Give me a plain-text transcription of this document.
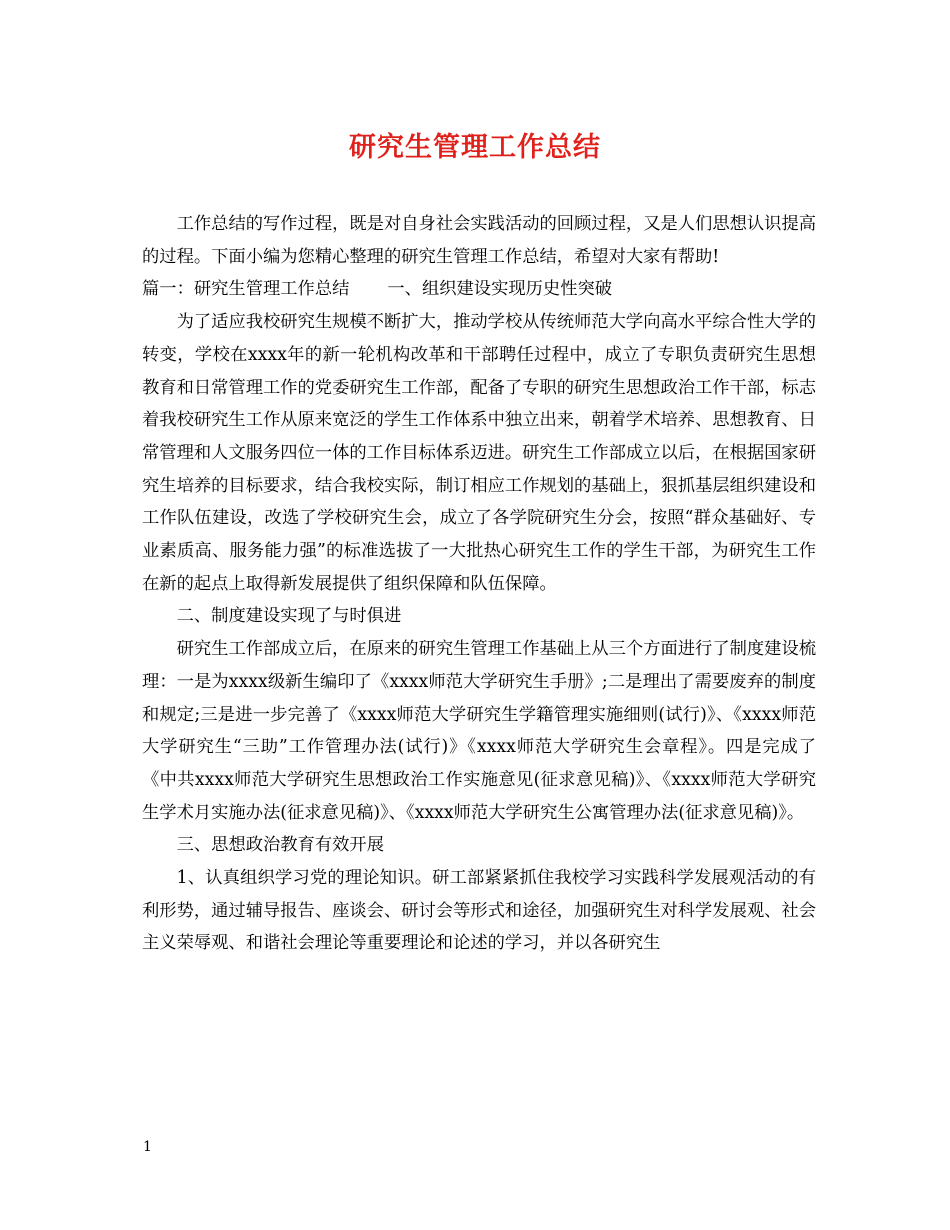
研究生管理工作总结

工作总结的写作过程，既是对自身社会实践活动的回顾过程，又是人们思想认识提高的过程。下面小编为您精心整理的研究生管理工作总结，希望对大家有帮助!

篇一：研究生管理工作总结 一、组织建设实现历史性突破

为了适应我校研究生规模不断扩大，推动学校从传统师范大学向高水平综合性大学的转变，学校在xxxx年的新一轮机构改革和干部聘任过程中，成立了专职负责研究生思想教育和日常管理工作的党委研究生工作部，配备了专职的研究生思想政治工作干部，标志着我校研究生工作从原来宽泛的学生工作体系中独立出来，朝着学术培养、思想教育、日常管理和人文服务四位一体的工作目标体系迈进。研究生工作部成立以后，在根据国家研究生培养的目标要求，结合我校实际，制订相应工作规划的基础上，狠抓基层组织建设和工作队伍建设，改选了学校研究生会，成立了各学院研究生分会，按照“群众基础好、专业素质高、服务能力强”的标准选拔了一大批热心研究生工作的学生干部，为研究生工作在新的起点上取得新发展提供了组织保障和队伍保障。

二、制度建设实现了与时俱进

研究生工作部成立后，在原来的研究生管理工作基础上从三个方面进行了制度建设梳理：一是为xxxx级新生编印了《xxxx师范大学研究生手册》;二是理出了需要废弃的制度和规定;三是进一步完善了《xxxx师范大学研究生学籍管理实施细则(试行)》、《xxxx师范大学研究生“三助”工作管理办法(试行)》《xxxx师范大学研究生会章程》。四是完成了《中共xxxx师范大学研究生思想政治工作实施意见(征求意见稿)》、《xxxx师范大学研究生学术月实施办法(征求意见稿)》、《xxxx师范大学研究生公寓管理办法(征求意见稿)》。

三、思想政治教育有效开展

1、认真组织学习党的理论知识。研工部紧紧抓住我校学习实践科学发展观活动的有利形势，通过辅导报告、座谈会、研讨会等形式和途径，加强研究生对科学发展观、社会主义荣辱观、和谐社会理论等重要理论和论述的学习，并以各研究生

1
